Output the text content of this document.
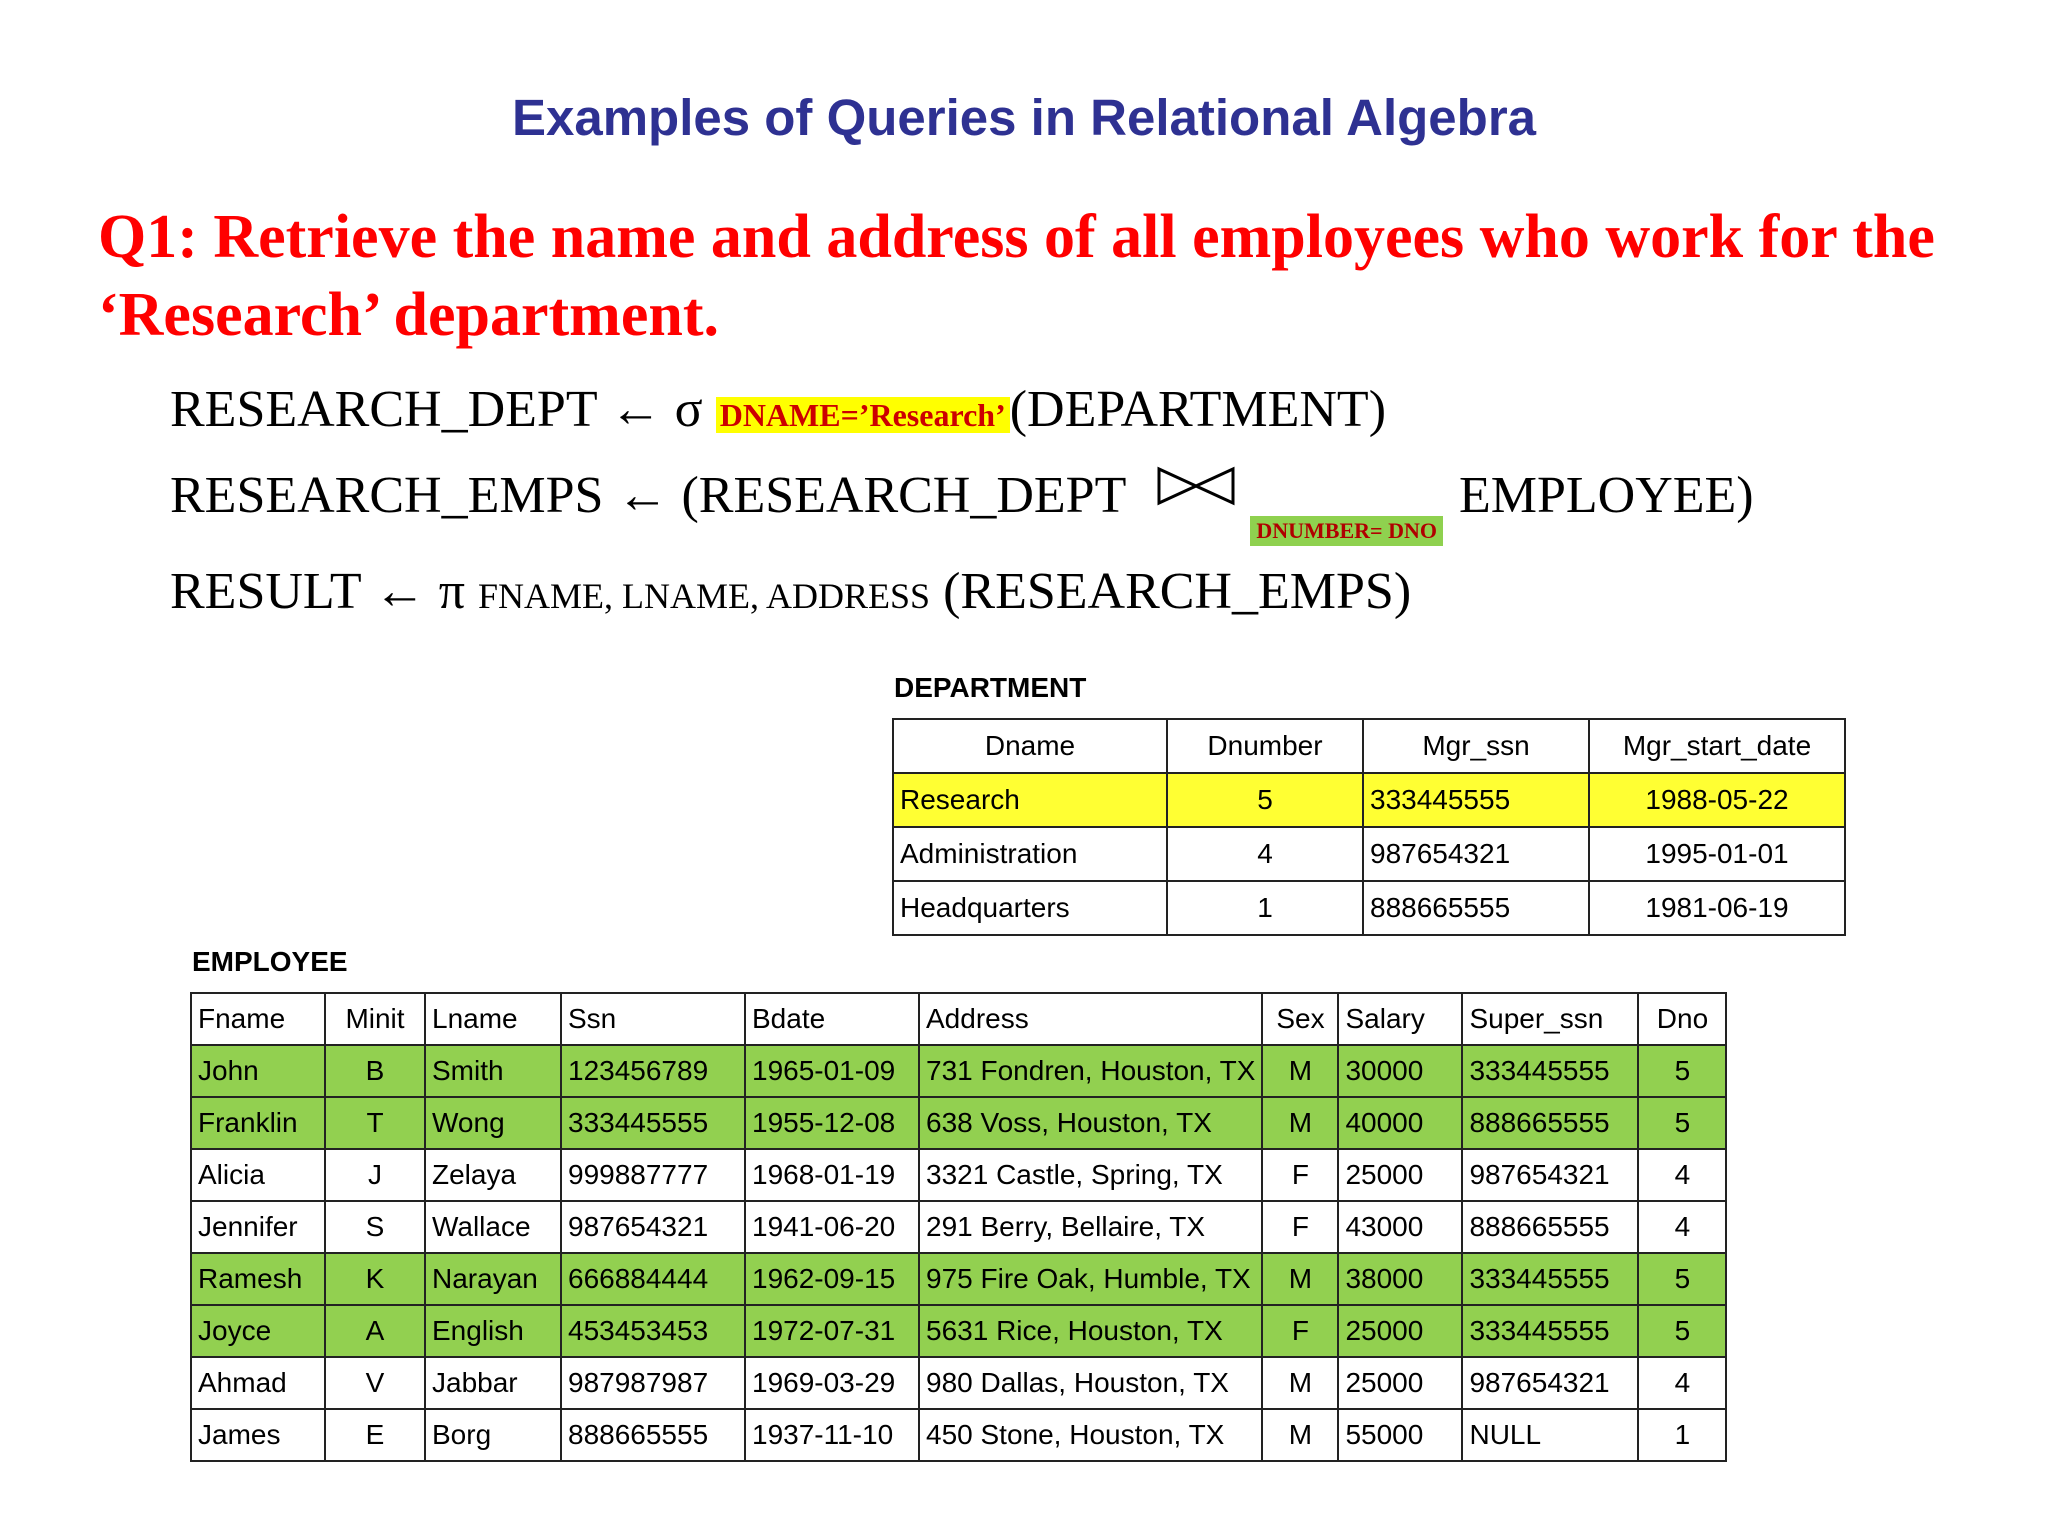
Examples of Queries in Relational Algebra
Q1: Retrieve the name and address of all employees who work for the ‘Research’ department.
RESEARCH_DEPT ← σ DNAME=’Research’(DEPARTMENT)
RESEARCH_EMPS ← (RESEARCH_DEPTDNUMBER= DNOEMPLOYEE)
RESULT ← π FNAME, LNAME, ADDRESS (RESEARCH_EMPS)
DEPARTMENT
Dname	Dnumber	Mgr_ssn	Mgr_start_date
Research	5	333445555	1988-05-22
Administration	4	987654321	1995-01-01
Headquarters	1	888665555	1981-06-19
EMPLOYEE
Fname	Minit	Lname	Ssn	Bdate	Address	Sex	Salary	Super_ssn	Dno
John	B	Smith	123456789	1965-01-09	731 Fondren, Houston, TX	M	30000	333445555	5
Franklin	T	Wong	333445555	1955-12-08	638 Voss, Houston, TX	M	40000	888665555	5
Alicia	J	Zelaya	999887777	1968-01-19	3321 Castle, Spring, TX	F	25000	987654321	4
Jennifer	S	Wallace	987654321	1941-06-20	291 Berry, Bellaire, TX	F	43000	888665555	4
Ramesh	K	Narayan	666884444	1962-09-15	975 Fire Oak, Humble, TX	M	38000	333445555	5
Joyce	A	English	453453453	1972-07-31	5631 Rice, Houston, TX	F	25000	333445555	5
Ahmad	V	Jabbar	987987987	1969-03-29	980 Dallas, Houston, TX	M	25000	987654321	4
James	E	Borg	888665555	1937-11-10	450 Stone, Houston, TX	M	55000	NULL	1
